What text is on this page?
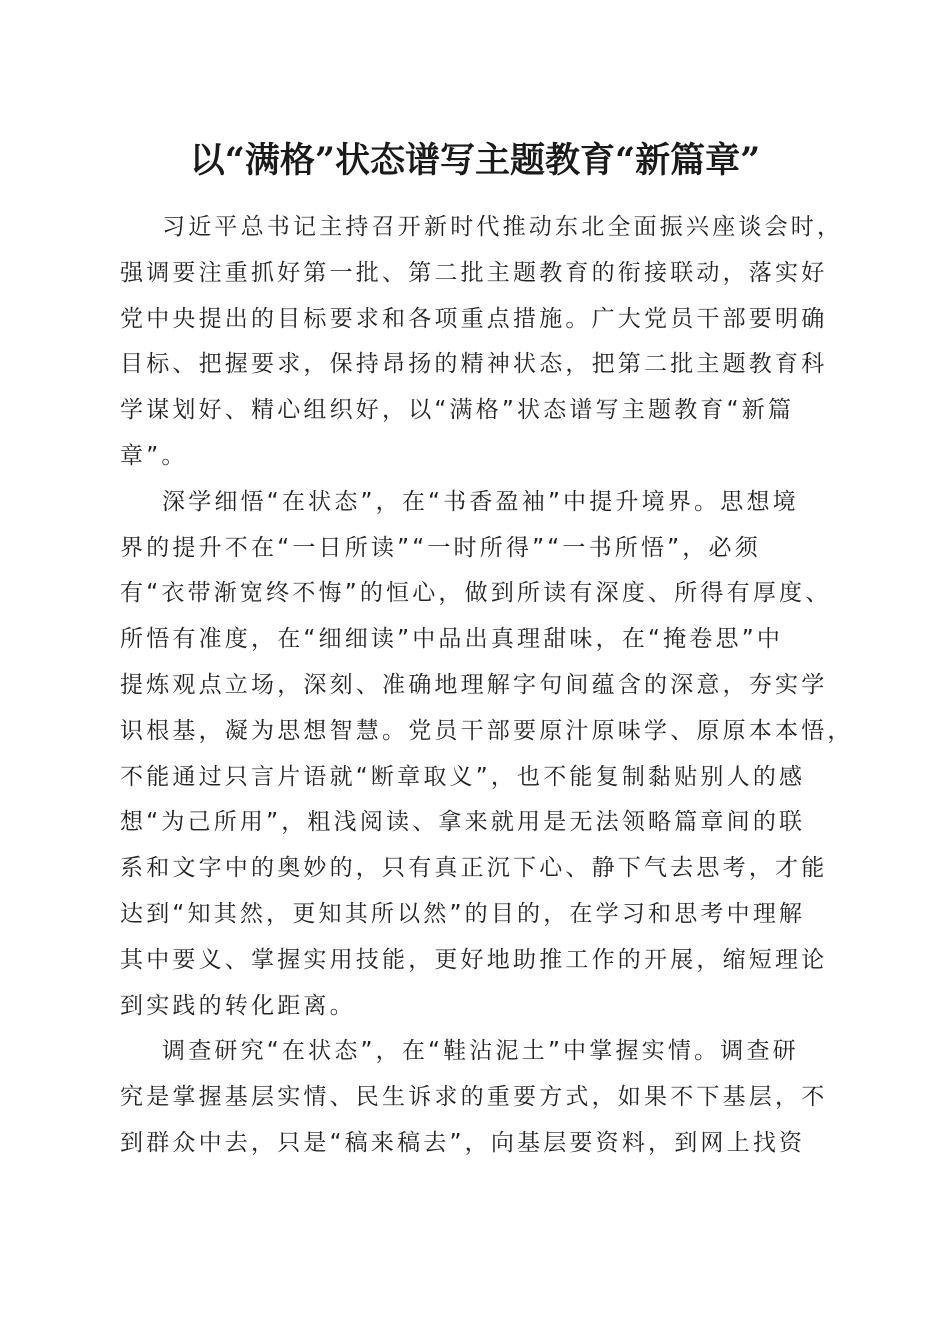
以“满格”状态谱写主题教育“新篇章”

习近平总书记主持召开新时代推动东北全面振兴座谈会时，
强调要注重抓好第一批、第二批主题教育的衔接联动，落实好
党中央提出的目标要求和各项重点措施。广大党员干部要明确
目标、把握要求，保持昂扬的精神状态，把第二批主题教育科
学谋划好、精心组织好，以“满格”状态谱写主题教育“新篇
章”。

深学细悟“在状态”，在“书香盈袖”中提升境界。思想境
界的提升不在“一日所读”“一时所得”“一书所悟”，必须
有“衣带渐宽终不悔”的恒心，做到所读有深度、所得有厚度、
所悟有准度，在“细细读”中品出真理甜味，在“掩卷思”中
提炼观点立场，深刻、准确地理解字句间蕴含的深意，夯实学
识根基，凝为思想智慧。党员干部要原汁原味学、原原本本悟，
不能通过只言片语就“断章取义”，也不能复制黏贴别人的感
想“为己所用”，粗浅阅读、拿来就用是无法领略篇章间的联
系和文字中的奥妙的，只有真正沉下心、静下气去思考，才能
达到“知其然，更知其所以然”的目的，在学习和思考中理解
其中要义、掌握实用技能，更好地助推工作的开展，缩短理论
到实践的转化距离。

调查研究“在状态”，在“鞋沾泥土”中掌握实情。调查研
究是掌握基层实情、民生诉求的重要方式，如果不下基层，不
到群众中去，只是“稿来稿去”，向基层要资料，到网上找资
